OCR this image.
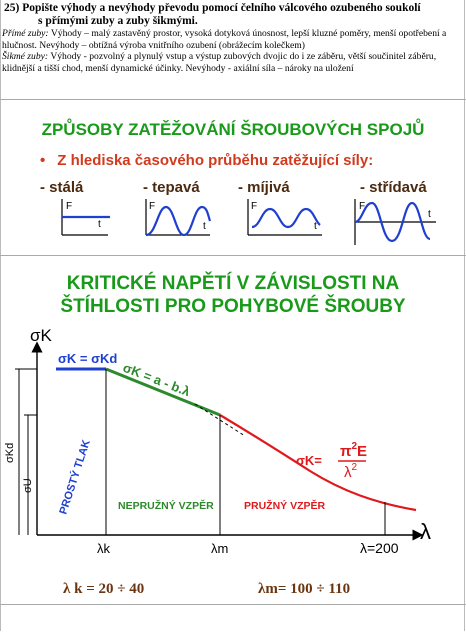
25) Popište výhody a nevýhody převodu pomocí čelního válcového ozubeného soukolí
s přímými zuby a zuby šikmými.
Přímé zuby: Výhody – malý zastavěný prostor, vysoká dotyková únosnost, lepší kluzné poměry, menší opotřebení a hlučnost. Nevýhody – obtížná výroba vnitřního ozubení (obrážecím kolečkem)
Šikmé zuby: Výhody - pozvolný a plynulý vstup a výstup zubových dvojic do i ze záběru, větší součinitel záběru, klidnější a tišší chod, menší dynamické účinky. Nevýhody - axiální síla – nároky na uložení
ZPŮSOBY ZATĚŽOVÁNÍ ŠROUBOVÝCH SPOJŮ
• Z hlediska časového průběhu zatěžující síly:
- stálá	- tepavá	- míjivá	- střídavá
F
t
F
t
F
t
F
t
KRITICKÉ NAPĚTÍ V ZÁVISLOSTI NA
ŠTÍHLOSTI PRO POHYBOVÉ ŠROUBY
σK
λ
σKd
σU
σK = σKd
σK = a - b.λ
PROSTÝ TLAK NEPRUŽNÝ VZPĚR	PRUŽNÝ VZPĚR
σK=
$\pi^2E$
$\lambda^2$
λk	λm	λ=200
λ k = 20 ÷ 40	λm= 100 ÷ 110
